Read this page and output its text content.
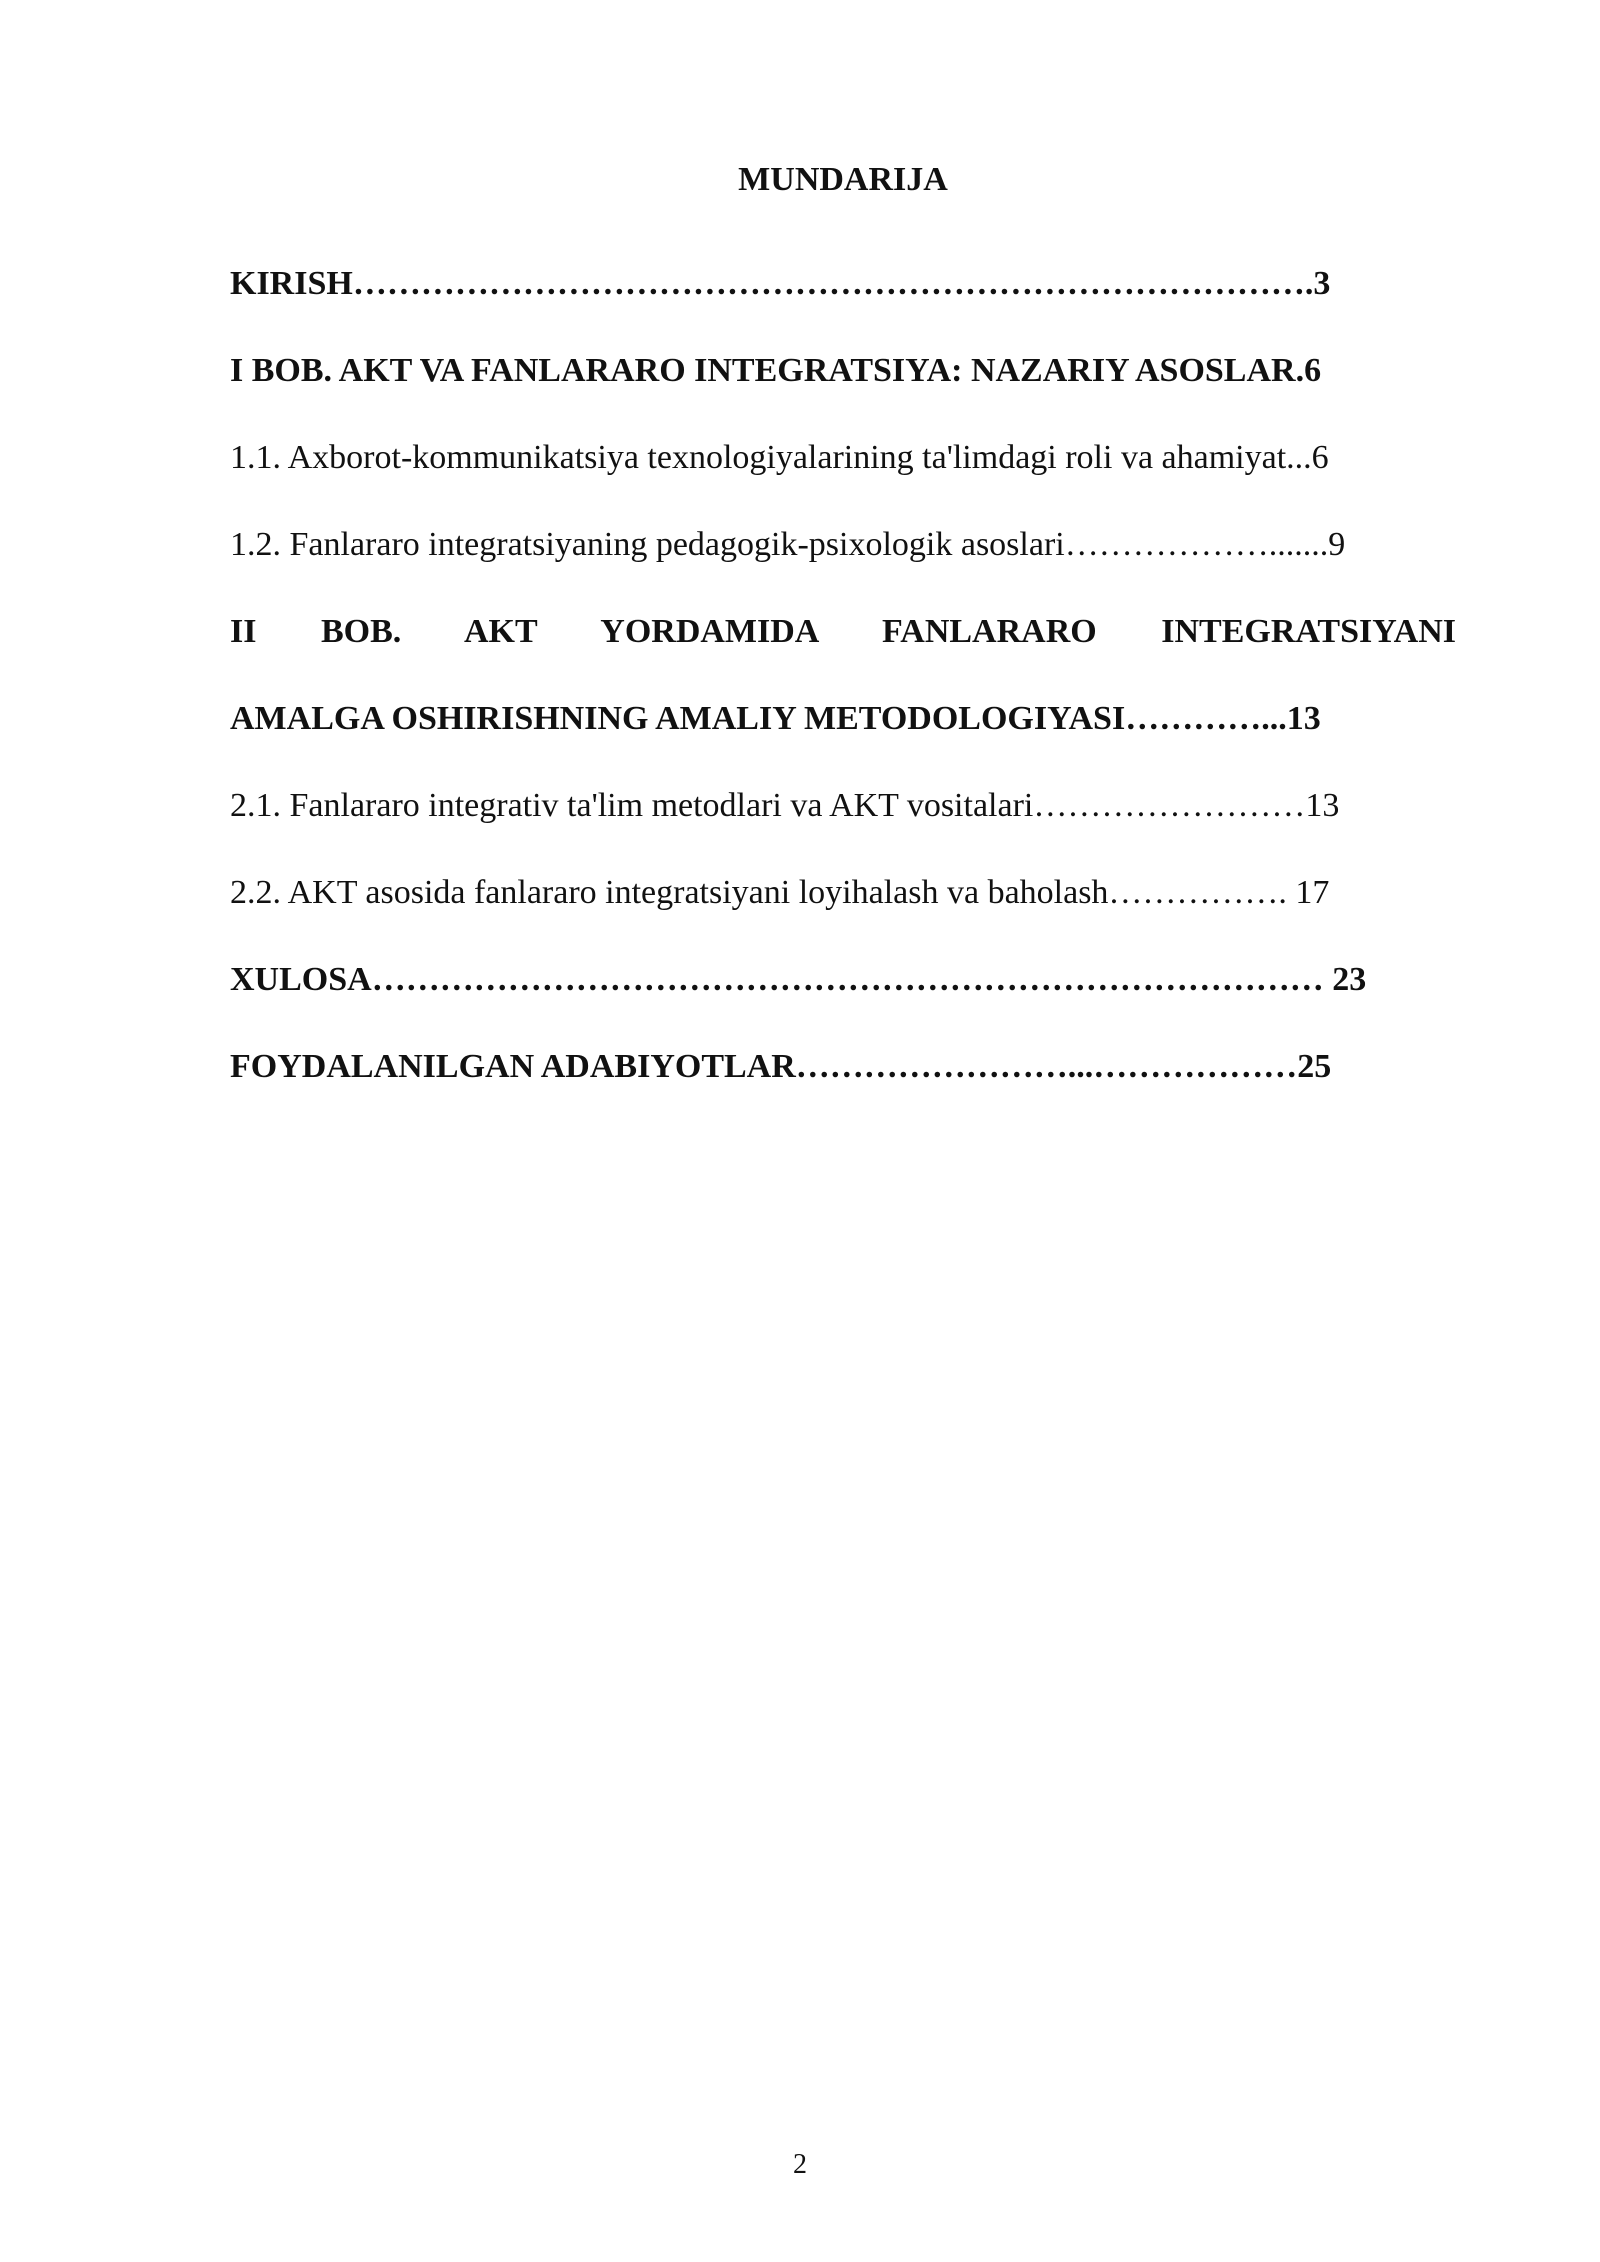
MUNDARIJA
KIRISH………………………………………………………………………….3
I BOB. AKT VA FANLARARO INTEGRATSIYA: NAZARIY ASOSLAR.6
1.1. Axborot-kommunikatsiya texnologiyalarining ta'limdagi roli va ahamiyat...6
1.2. Fanlararo integratsiyaning pedagogik-psixologik asoslari……………….......9
II BOB. AKT YORDAMIDA FANLARARO INTEGRATSIYANI
AMALGA OSHIRISHNING AMALIY METODOLOGIYASI…………...13
2.1. Fanlararo integrativ ta'lim metodlari va AKT vositalari……………………13
2.2. AKT asosida fanlararo integratsiyani loyihalash va baholash……………. 17
XULOSA………………………………………………………………………… 23
FOYDALANILGAN ADABIYOTLAR……………………...………………25
2
